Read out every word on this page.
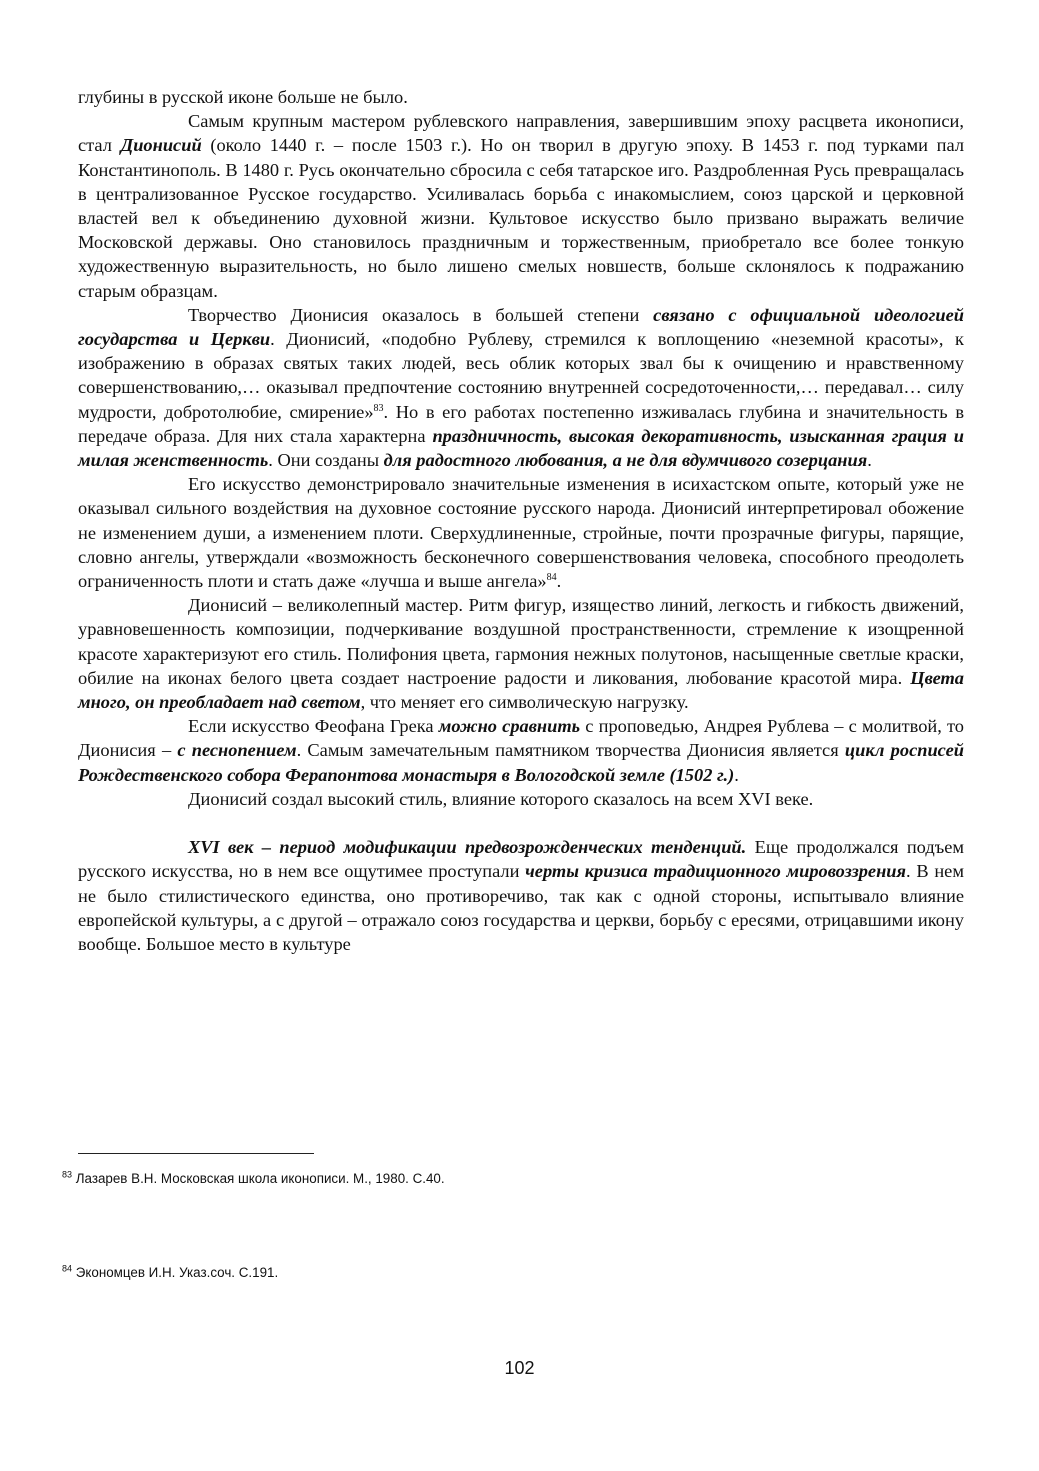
глубины в русской иконе больше не было.

Самым крупным мастером рублевского направления, завершившим эпоху расцвета иконописи, стал Дионисий (около 1440 г. – после 1503 г.). Но он творил в другую эпоху. В 1453 г. под турками пал Константинополь. В 1480 г. Русь окончательно сбросила с себя татарское иго. Раздробленная Русь превращалась в централизованное Русское государство. Усиливалась борьба с инакомыслием, союз царской и церковной властей вел к объединению духовной жизни. Культовое искусство было призвано выражать величие Московской державы. Оно становилось праздничным и торжественным, приобретало все более тонкую художественную выразительность, но было лишено смелых новшеств, больше склонялось к подражанию старым образцам.

Творчество Дионисия оказалось в большей степени связано с официальной идеологией государства и Церкви. Дионисий, «подобно Рублеву, стремился к воплощению «неземной красоты», к изображению в образах святых таких людей, весь облик которых звал бы к очищению и нравственному совершенствованию,… оказывал предпочтение состоянию внутренней сосредоточенности,… передавал… силу мудрости, добротолюбие, смирение»$^{83}$. Но в его работах постепенно изживалась глубина и значительность в передаче образа. Для них стала характерна праздничность, высокая декоративность, изысканная грация и милая женственность. Они созданы для радостного любования, а не для вдумчивого созерцания.

Его искусство демонстрировало значительные изменения в исихастском опыте, который уже не оказывал сильного воздействия на духовное состояние русского народа. Дионисий интерпретировал обожение не изменением души, а изменением плоти. Сверхудлиненные, стройные, почти прозрачные фигуры, парящие, словно ангелы, утверждали «возможность бесконечного совершенствования человека, способного преодолеть ограниченность плоти и стать даже «лучша и выше ангела»$^{84}$.

Дионисий – великолепный мастер. Ритм фигур, изящество линий, легкость и гибкость движений, уравновешенность композиции, подчеркивание воздушной пространственности, стремление к изощренной красоте характеризуют его стиль. Полифония цвета, гармония нежных полутонов, насыщенные светлые краски, обилие на иконах белого цвета создает настроение радости и ликования, любование красотой мира. Цвета много, он преобладает над светом, что меняет его символическую нагрузку.

Если искусство Феофана Грека можно сравнить с проповедью, Андрея Рублева – с молитвой, то Дионисия – с песнопением. Самым замечательным памятником творчества Дионисия является цикл росписей Рождественского собора Ферапонтова монастыря в Вологодской земле (1502 г.).

Дионисий создал высокий стиль, влияние которого сказалось на всем XVI веке.

XVI век – период модификации предвозрожденческих тенденций. Еще продолжался подъем русского искусства, но в нем все ощутимее проступали черты кризиса традиционного мировоззрения. В нем не было стилистического единства, оно противоречиво, так как с одной стороны, испытывало влияние европейской культуры, а с другой – отражало союз государства и церкви, борьбу с ересями, отрицавшими икону вообще. Большое место в культуре

$^{83}$ Лазарев В.Н. Московская школа иконописи. М., 1980. С.40.
$^{84}$ Экономцев И.Н. Указ.соч. С.191.
102
